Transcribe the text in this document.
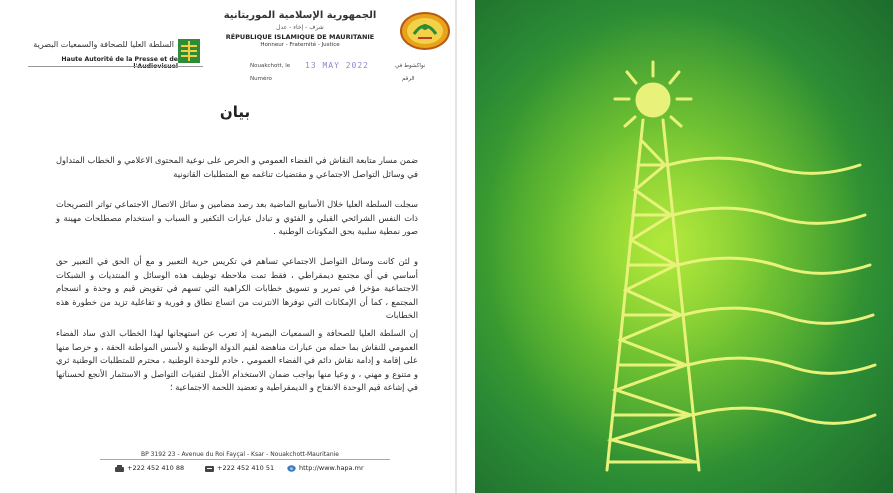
الجمهورية الإسلامية الموريتانية
شرف - إخاء - عدل
RÉPUBLIQUE ISLAMIQUE DE MAURITANIE
Honneur - Fraternité - Justice
السلطة العليا للصحافة والسمعيات البصرية
Haute Autorité de la Presse et de
Nouakchott, le 13 MAY 2022	نواكشوط في
Numéro	الرقم
بيان

ضمن مسار متابعة النقاش في الفضاء العمومي و الحرص على نوعية المحتوى الاعلامي و الخطاب المتداول في وسائل التواصل الاجتماعي و مقتضيات تناغمه مع المتطلبات القانونية

سجلت السلطة العليا خلال الأسابيع الماضية بعد رصد مضامين و سائل الاتصال الاجتماعي تواتر التصريحات ذات النفس الشرائحي القبلي و الفئوي و تبادل عبارات التكفير و السباب و استخدام مصطلحات مهينة و صور نمطية سلبية بحق المكونات الوطنية .

و لئن كانت وسائل التواصل الاجتماعي تساهم في تكريس حرية التعبير و مع أن الحق في التعبير حق أساسي في أي مجتمع ديمقراطي ، فقط تمت ملاحظة توظيف هذه الوسائل و المنتديات و الشبكات الاجتماعية مؤخرا في تمرير و تسويق خطابات الكراهية التي تسهم في تقويض قيم و وحدة و انسجام المجتمع ، كما أن الإمكانات التي توفرها الانترنت من اتساع نطاق و فورية و تفاعلية تزيد من خطورة هذه الخطابات

إن السلطة العليا للصحافة و السمعيات البصرية إذ تعرب عن استهجانها لهذا الخطاب الذي ساد الفضاء العمومي للنقاش بما حمله من عبارات مناهضة لقيم الدولة الوطنية و لأسس المواطنة الحقة ، و حرصا منها على إقامة و إدامة نقاش دائم في الفضاء العمومي ، خادم للوحدة الوطنية ، محترم للمتطلبات الوطنية ثري و متنوع و مهني ، و وعيا منها بواجب ضمان الاستخدام الأمثل لتقنيات التواصل و الاستثمار الأنجع لحسناتها في إشاعة قيم الوحدة الانفتاح و الديمقراطية و تعضيد اللحمة الاجتماعية ؛

BP 3192 23 - Avenue du Roi Fayçal - Ksar - Nouakchott-Mauritanie
+222 452 410 88	+222 452 410 51	w http://www.hapa.mr
